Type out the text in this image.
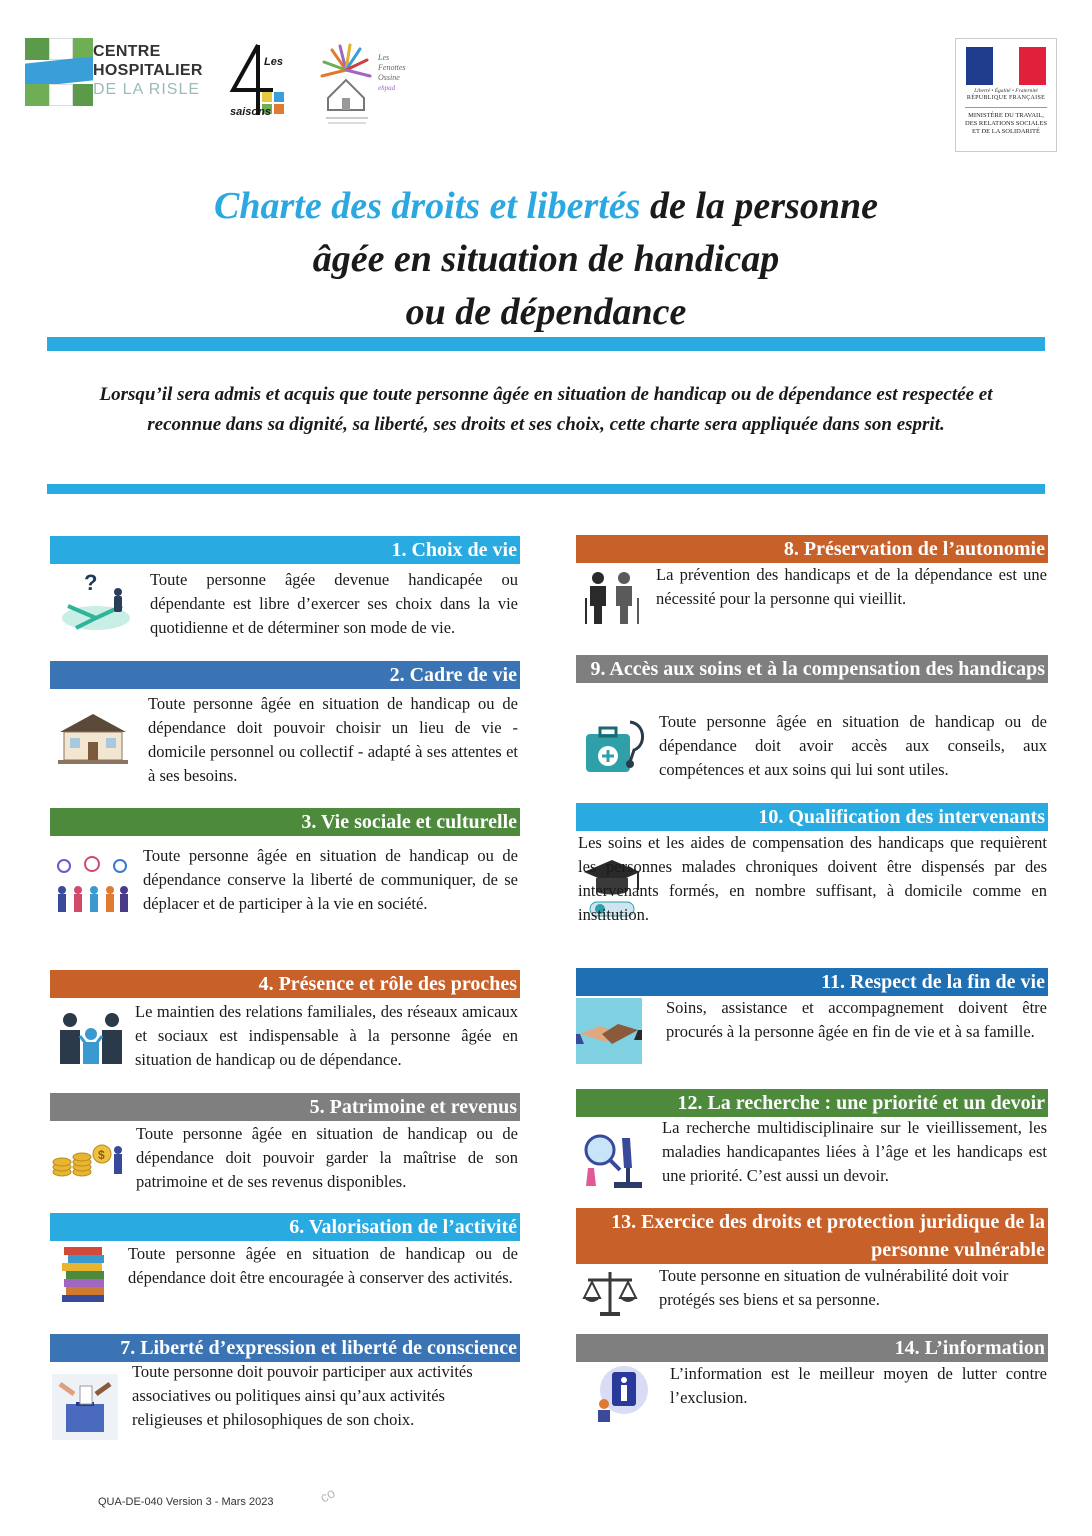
CENTRE
HOSPITALIER
DE LA RISLE
Les
saisons
Les
Fenottes
Ossine
ehpad	Liberté • Égalité • Fraternité
RÉPUBLIQUE FRANÇAISE
MINISTÈRE DU TRAVAIL, DES RELATIONS SOCIALES ET DE LA SOLIDARITÉ
Charte des droits et libertés de la personne
âgée en situation de handicap
ou de dépendance
Lorsqu’il sera admis et acquis que toute personne âgée en situation de handicap ou de dépendance est respectée et reconnue dans sa dignité, sa liberté, ses droits et ses choix, cette charte sera appliquée dans son esprit.
1. Choix de vie
?	Toute personne âgée devenue handicapée ou dépendante est libre d’exercer ses choix dans la vie quotidienne et de déterminer son mode de vie.
2. Cadre de vie
Toute personne âgée en situation de handicap ou de dépendance doit pouvoir choisir un lieu de vie - domicile personnel ou collectif - adapté à ses attentes et à ses besoins.
3. Vie sociale et culturelle
Toute personne âgée en situation de handicap ou de dépendance conserve la liberté de communiquer, de se déplacer et de participer à la vie en société.
4. Présence et rôle des proches
Le maintien des relations familiales, des réseaux amicaux et sociaux est indispensable à la personne âgée en situation de handicap ou de dépendance.
5. Patrimoine et revenus
$
Toute personne âgée en situation de handicap ou de dépendance doit pouvoir garder la maîtrise de son patrimoine et de ses revenus disponibles.
6. Valorisation de l’activité
Toute personne âgée en situation de handicap ou de dépendance doit être encouragée à conserver des activités.
7. Liberté d’expression et liberté de conscience
Toute personne doit pouvoir participer aux activités associatives ou politiques ainsi qu’aux activités religieuses et philosophiques de son choix.
8. Préservation de l’autonomie
La prévention des handicaps et de la dépendance est une nécessité pour la personne qui vieillit.
9. Accès aux soins et à la compensation des handicaps
Toute personne âgée en situation de handicap ou de dépendance doit avoir accès aux conseils, aux compétences et aux soins qui lui sont utiles.
10. Qualification des intervenants
Les soins et les aides de compensation des handicaps que requièrent les personnes malades chroniques doivent être dispensés par des intervenants formés, en nombre suffisant, à domicile comme en institution.
11. Respect de la fin de vie
Soins, assistance et accompagnement doivent être procurés à la personne âgée en fin de vie et à sa famille.
12. La recherche : une priorité et un devoir
La recherche multidisciplinaire sur le vieillissement, les maladies handicapantes liées à l’âge et les handicaps est une priorité. C’est aussi un devoir.
13. Exercice des droits et protection juridique de la personne vulnérable
Toute personne en situation de vulnérabilité doit voir protégés ses biens et sa personne.
14. L’information
L’information est le meilleur moyen de lutter contre l’exclusion.
QUA-DE-040 Version 3 - Mars 2023	co
